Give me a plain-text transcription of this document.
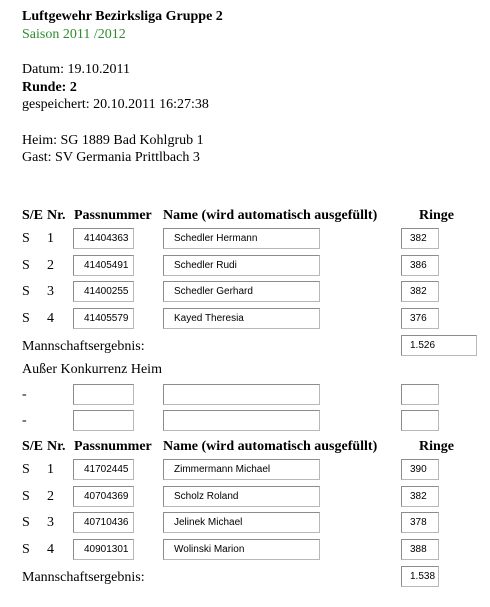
Luftgewehr Bezirksliga Gruppe 2
Saison 2011 /2012
Datum: 19.10.2011
Runde: 2
gespeichert: 20.10.2011 16:27:38
Heim: SG 1889 Bad Kohlgrub 1
Gast: SV Germania Prittlbach 3
S/E Nr. Passnummer Name (wird automatisch ausgefüllt)	Ringe
S 1	41404363	Schedler Hermann	382
S 2	41405491	Schedler Rudi	386
S 3	41400255	Schedler Gerhard	382
S 4	41405579	Kayed Theresia	376
Mannschaftsergebnis:	1.526
Außer Konkurrenz Heim
-
-
S/E Nr. Passnummer Name (wird automatisch ausgefüllt)	Ringe
S 1	41702445	Zimmermann Michael	390
S 2	40704369	Scholz Roland	382
S 3	40710436	Jelinek Michael	378
S 4	40901301	Wolinski Marion	388
Mannschaftsergebnis:	1.538
